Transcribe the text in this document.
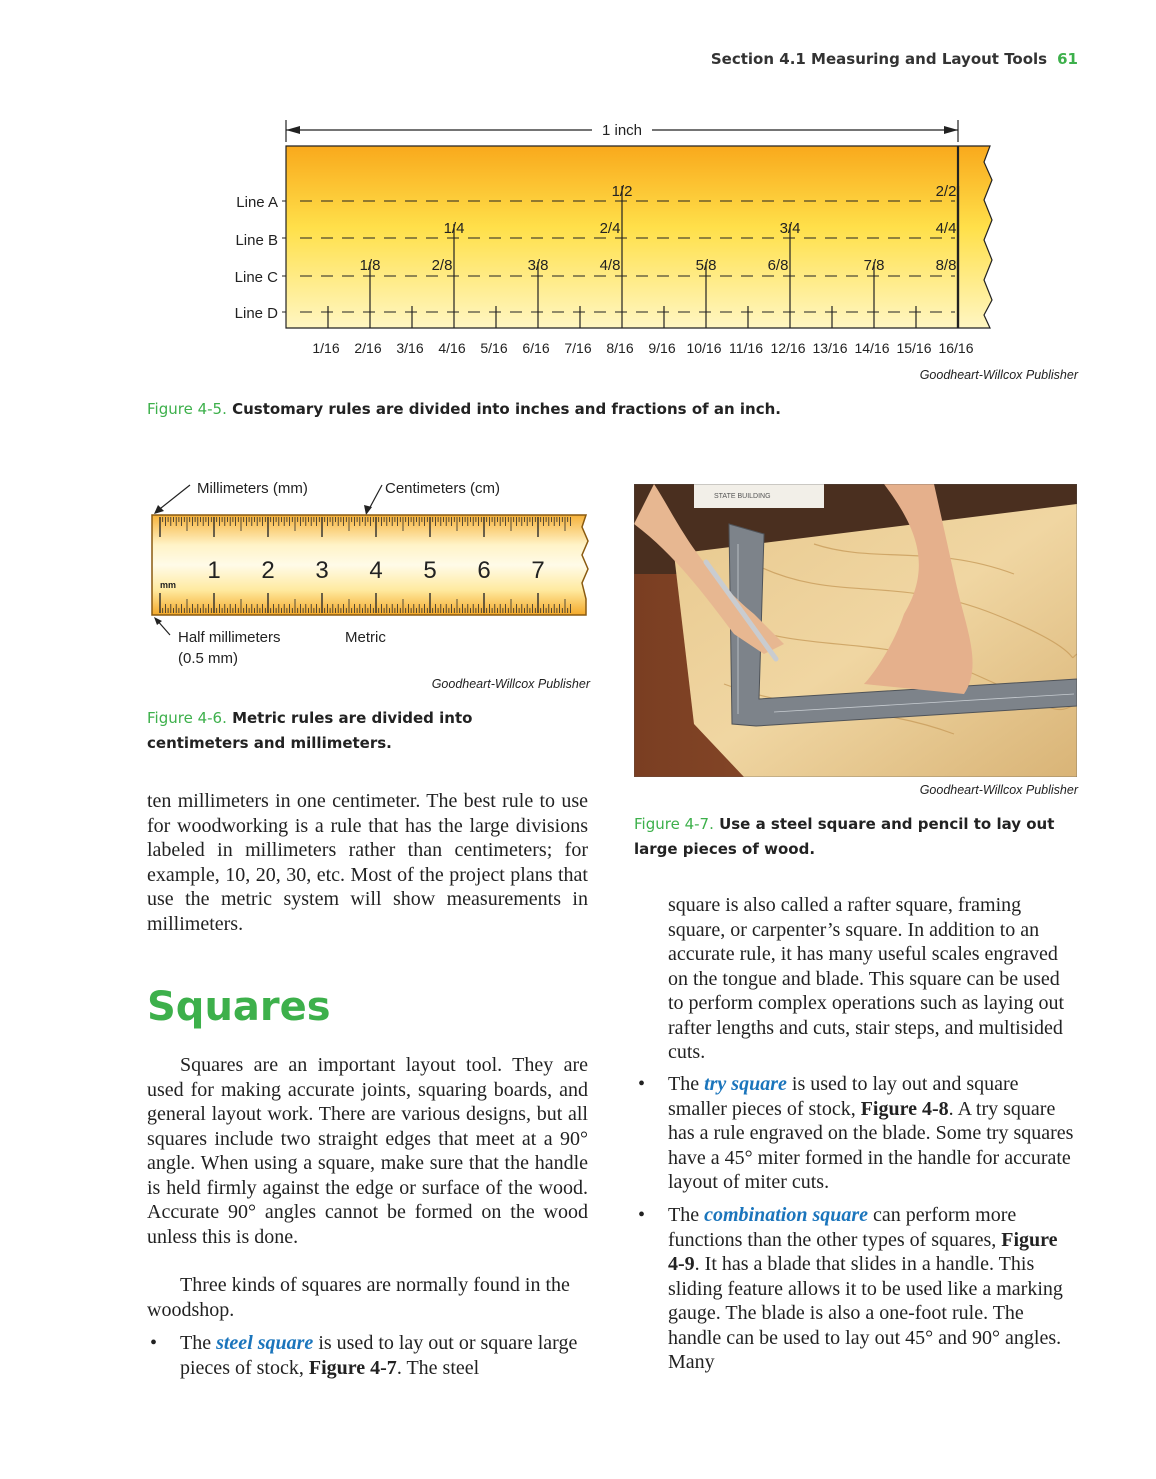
Section 4.1 Measuring and Layout Tools 61
1 inch
Line A
Line B
Line C
Line D
1/2	2/2
1/4	2/4	3/4	4/4
1/8	2/8	3/8	4/8	5/8	6/8	7/8	8/8
1/16 2/16 3/16 4/16 5/16 6/16 7/16 8/16 9/16 10/16 11/16 12/16 13/16 14/16 15/16 16/16
Goodheart-Willcox Publisher
Figure 4-5. Customary rules are divided into inches and fractions of an inch.
Millimeters (mm)	Centimeters (cm)
1 2 3 4 5 6 7
mm
Half millimeters
(0.5 mm)
Metric
Goodheart-Willcox Publisher
Figure 4-6. Metric rules are divided into
centimeters and millimeters.
STATE BUILDING
Goodheart-Willcox Publisher
Figure 4-7. Use a steel square and pencil to lay out
large pieces of wood.
ten millimeters in one centimeter. The best rule to use for woodworking is a rule that has the large divisions labeled in millimeters rather than centimeters; for example, 10, 20, 30, etc. Most of the project plans that use the metric system will show measurements in millimeters.
Squares
Squares are an important layout tool. They are used for making accurate joints, squaring boards, and general layout work. There are various designs, but all squares include two straight edges that meet at a 90° angle. When using a square, make sure that the handle is held firmly against the edge or surface of the wood. Accurate 90° angles cannot be formed on the wood unless this is done.
Three kinds of squares are normally found in the woodshop.
• The steel square is used to lay out or square large pieces of stock, Figure 4-7. The steel
square is also called a rafter square, framing square, or carpenter’s square. In addition to an accurate rule, it has many useful scales engraved on the tongue and blade. This square can be used to perform complex operations such as laying out rafter lengths and cuts, stair steps, and multisided cuts.
• The try square is used to lay out and square smaller pieces of stock, Figure 4-8. A try square has a rule engraved on the blade. Some try squares have a 45° miter formed in the handle for accurate layout of miter cuts.
• The combination square can perform more functions than the other types of squares, Figure 4-9. It has a blade that slides in a handle. This sliding feature allows it to be used like a marking gauge. The blade is also a one-foot rule. The handle can be used to lay out 45° and 90° angles. Many
